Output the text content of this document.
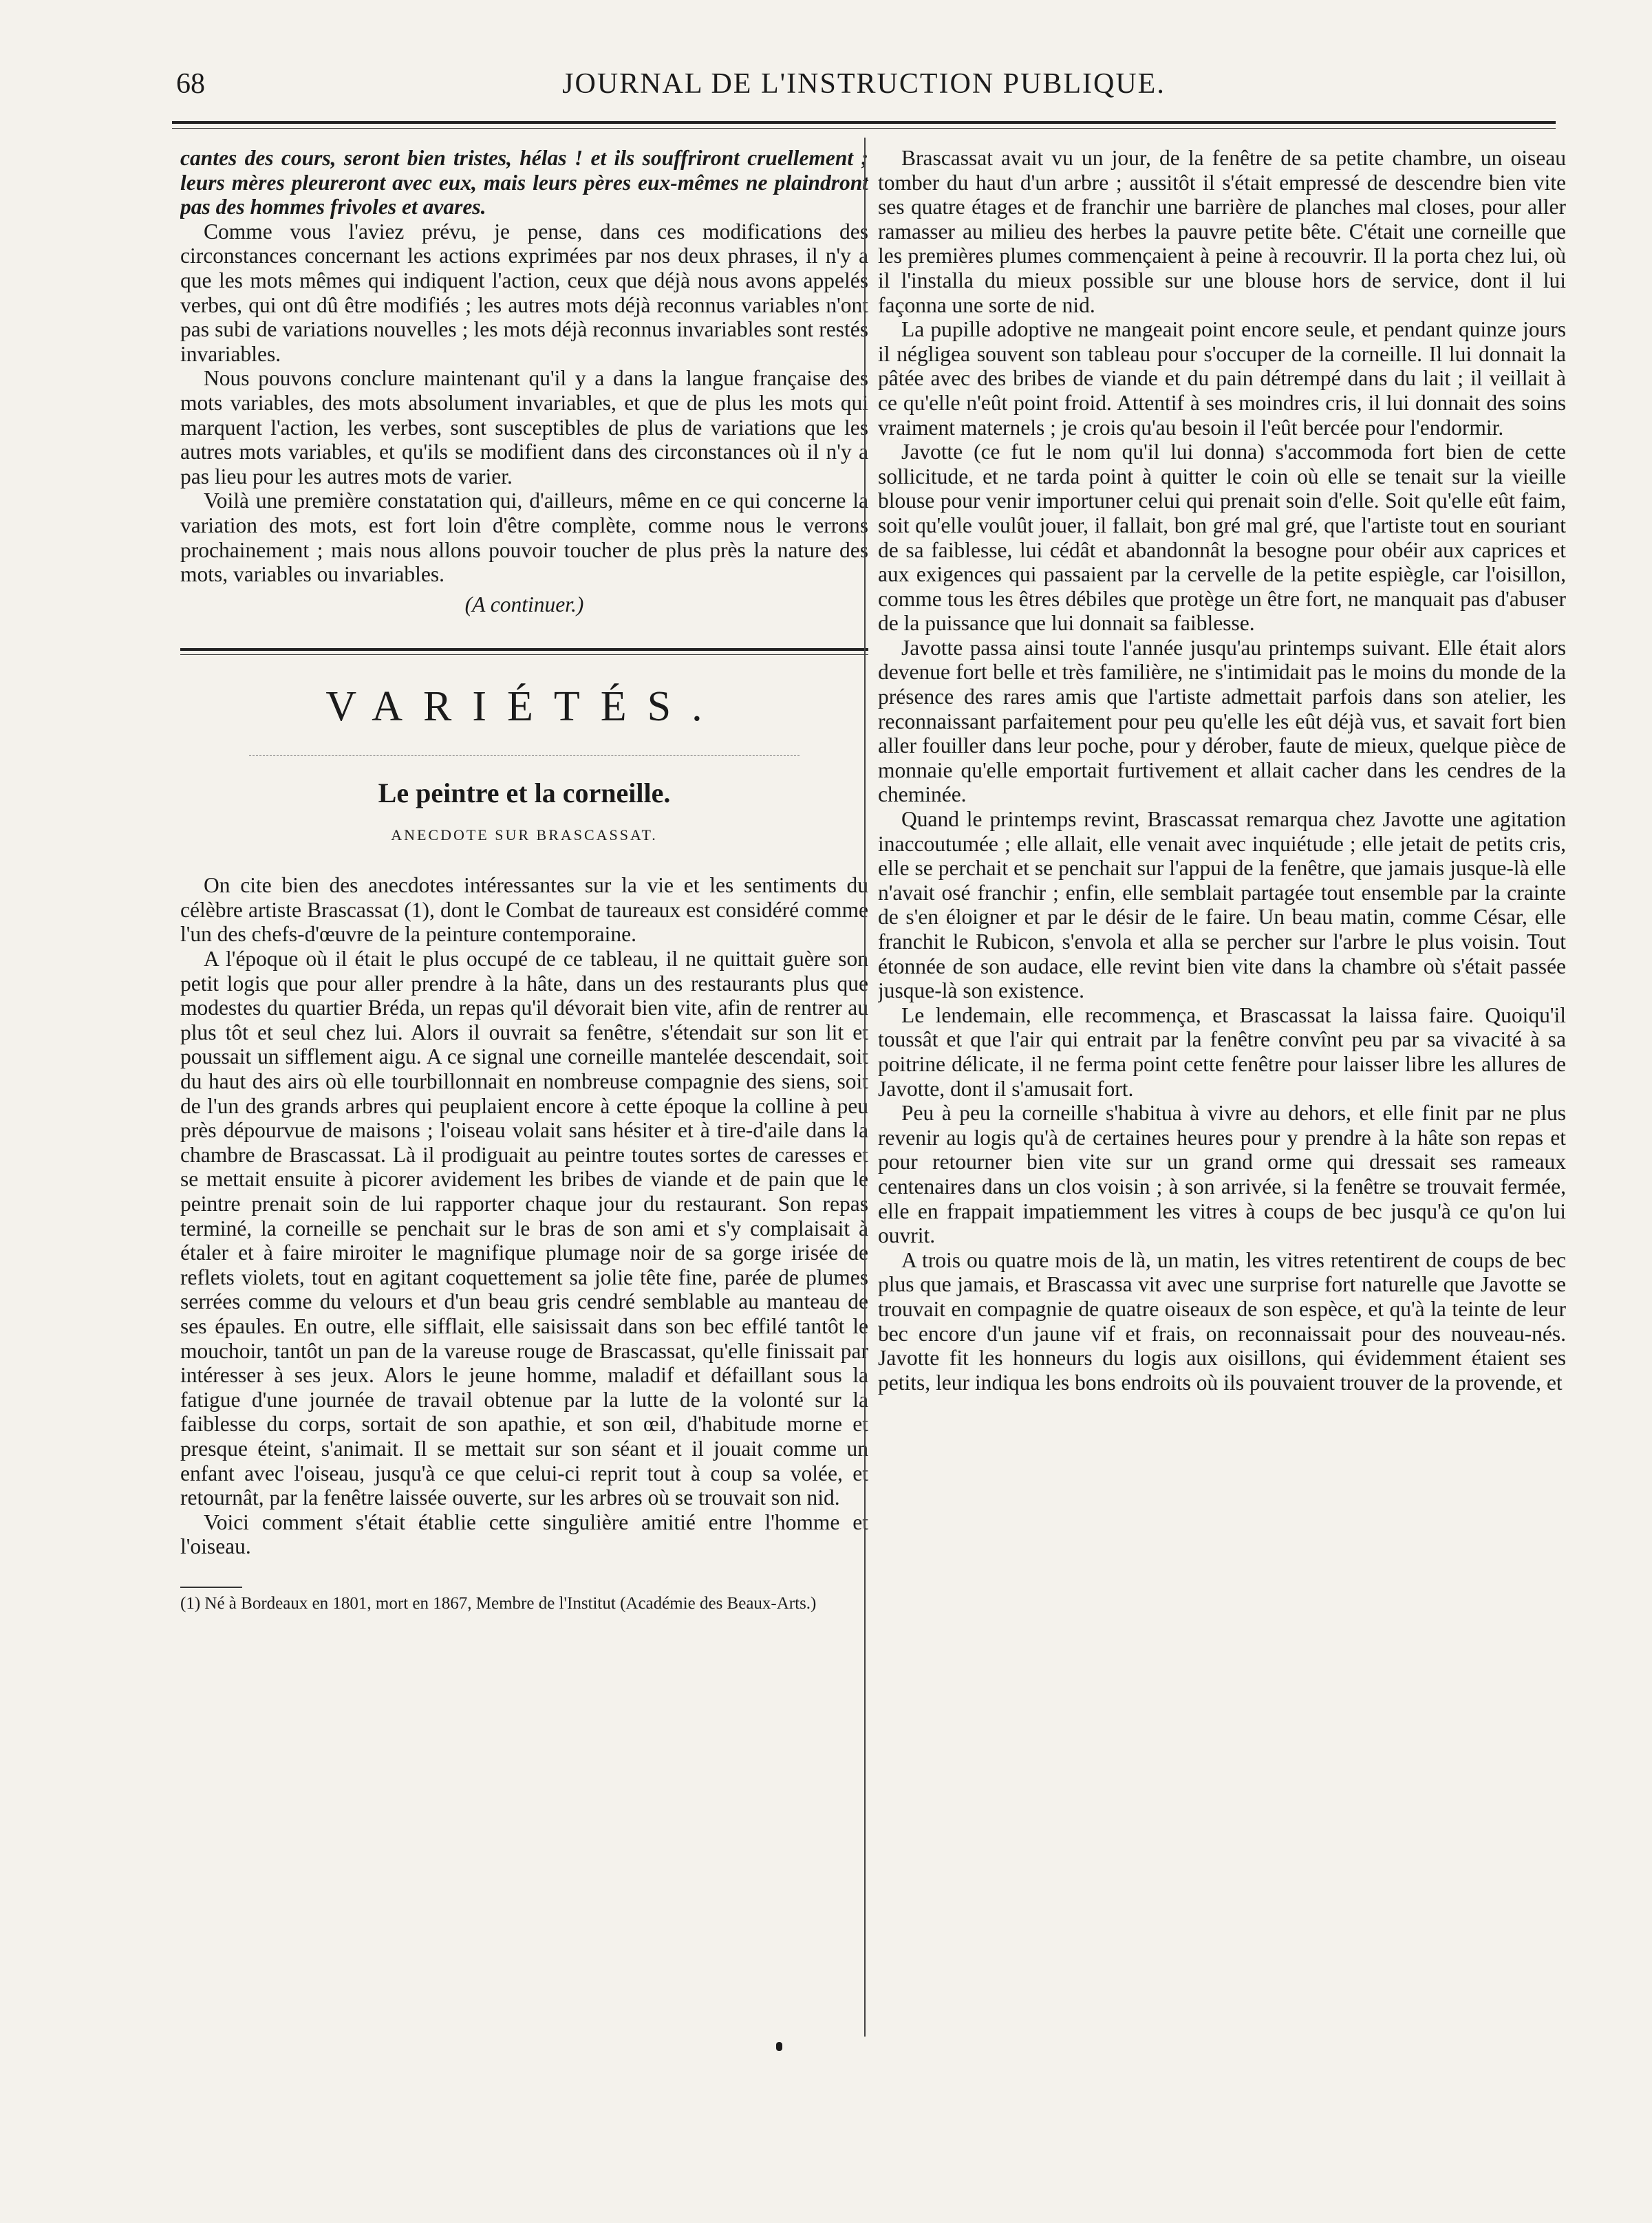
68	JOURNAL DE L'INSTRUCTION PUBLIQUE.

cantes des cours, seront bien tristes, hélas ! et ils souffriront cruellement ; leurs mères pleureront avec eux, mais leurs pères eux-mêmes ne plaindront pas des hommes frivoles et avares.

Comme vous l'aviez prévu, je pense, dans ces modifications des circonstances concernant les actions exprimées par nos deux phrases, il n'y a que les mots mêmes qui indiquent l'action, ceux que déjà nous avons appelés verbes, qui ont dû être modifiés ; les autres mots déjà reconnus variables n'ont pas subi de variations nouvelles ; les mots déjà reconnus invariables sont restés invariables.

Nous pouvons conclure maintenant qu'il y a dans la langue française des mots variables, des mots absolument invariables, et que de plus les mots qui marquent l'action, les verbes, sont susceptibles de plus de variations que les autres mots variables, et qu'ils se modifient dans des circonstances où il n'y a pas lieu pour les autres mots de varier.

Voilà une première constatation qui, d'ailleurs, même en ce qui concerne la variation des mots, est fort loin d'être complète, comme nous le verrons prochainement ; mais nous allons pouvoir toucher de plus près la nature des mots, variables ou invariables.

(A continuer.)

VARIÉTÉS.
Le peintre et la corneille.
ANECDOTE SUR BRASCASSAT.

On cite bien des anecdotes intéressantes sur la vie et les sentiments du célèbre artiste Brascassat (1), dont le Combat de taureaux est considéré comme l'un des chefs-d'œuvre de la peinture contemporaine.

A l'époque où il était le plus occupé de ce tableau, il ne quittait guère son petit logis que pour aller prendre à la hâte, dans un des restaurants plus que modestes du quartier Bréda, un repas qu'il dévorait bien vite, afin de rentrer au plus tôt et seul chez lui. Alors il ouvrait sa fenêtre, s'étendait sur son lit et poussait un sifflement aigu. A ce signal une corneille mantelée descendait, soit du haut des airs où elle tourbillonnait en nombreuse compagnie des siens, soit de l'un des grands arbres qui peuplaient encore à cette époque la colline à peu près dépourvue de maisons ; l'oiseau volait sans hésiter et à tire-d'aile dans la chambre de Brascassat. Là il prodiguait au peintre toutes sortes de caresses et se mettait ensuite à picorer avidement les bribes de viande et de pain que le peintre prenait soin de lui rapporter chaque jour du restaurant. Son repas terminé, la corneille se penchait sur le bras de son ami et s'y complaisait à étaler et à faire miroiter le magnifique plumage noir de sa gorge irisée de reflets violets, tout en agitant coquettement sa jolie tête fine, parée de plumes serrées comme du velours et d'un beau gris cendré semblable au manteau de ses épaules. En outre, elle sifflait, elle saisissait dans son bec effilé tantôt le mouchoir, tantôt un pan de la vareuse rouge de Brascassat, qu'elle finissait par intéresser à ses jeux. Alors le jeune homme, maladif et défaillant sous la fatigue d'une journée de travail obtenue par la lutte de la volonté sur la faiblesse du corps, sortait de son apathie, et son œil, d'habitude morne et presque éteint, s'animait. Il se mettait sur son séant et il jouait comme un enfant avec l'oiseau, jusqu'à ce que celui-ci reprit tout à coup sa volée, et retournât, par la fenêtre laissée ouverte, sur les arbres où se trouvait son nid.

Voici comment s'était établie cette singulière amitié entre l'homme et l'oiseau.

(1) Né à Bordeaux en 1801, mort en 1867, Membre de l'Institut (Académie des Beaux-Arts.)

Brascassat avait vu un jour, de la fenêtre de sa petite chambre, un oiseau tomber du haut d'un arbre ; aussitôt il s'était empressé de descendre bien vite ses quatre étages et de franchir une barrière de planches mal closes, pour aller ramasser au milieu des herbes la pauvre petite bête. C'était une corneille que les premières plumes commençaient à peine à recouvrir. Il la porta chez lui, où il l'installa du mieux possible sur une blouse hors de service, dont il lui façonna une sorte de nid.

La pupille adoptive ne mangeait point encore seule, et pendant quinze jours il négligea souvent son tableau pour s'occuper de la corneille. Il lui donnait la pâtée avec des bribes de viande et du pain détrempé dans du lait ; il veillait à ce qu'elle n'eût point froid. Attentif à ses moindres cris, il lui donnait des soins vraiment maternels ; je crois qu'au besoin il l'eût bercée pour l'endormir.

Javotte (ce fut le nom qu'il lui donna) s'accommoda fort bien de cette sollicitude, et ne tarda point à quitter le coin où elle se tenait sur la vieille blouse pour venir importuner celui qui prenait soin d'elle. Soit qu'elle eût faim, soit qu'elle voulût jouer, il fallait, bon gré mal gré, que l'artiste tout en souriant de sa faiblesse, lui cédât et abandonnât la besogne pour obéir aux caprices et aux exigences qui passaient par la cervelle de la petite espiègle, car l'oisillon, comme tous les êtres débiles que protège un être fort, ne manquait pas d'abuser de la puissance que lui donnait sa faiblesse.

Javotte passa ainsi toute l'année jusqu'au printemps suivant. Elle était alors devenue fort belle et très familière, ne s'intimidait pas le moins du monde de la présence des rares amis que l'artiste admettait parfois dans son atelier, les reconnaissant parfaitement pour peu qu'elle les eût déjà vus, et savait fort bien aller fouiller dans leur poche, pour y dérober, faute de mieux, quelque pièce de monnaie qu'elle emportait furtivement et allait cacher dans les cendres de la cheminée.

Quand le printemps revint, Brascassat remarqua chez Javotte une agitation inaccoutumée ; elle allait, elle venait avec inquiétude ; elle jetait de petits cris, elle se perchait et se penchait sur l'appui de la fenêtre, que jamais jusque-là elle n'avait osé franchir ; enfin, elle semblait partagée tout ensemble par la crainte de s'en éloigner et par le désir de le faire. Un beau matin, comme César, elle franchit le Rubicon, s'envola et alla se percher sur l'arbre le plus voisin. Tout étonnée de son audace, elle revint bien vite dans la chambre où s'était passée jusque-là son existence.

Le lendemain, elle recommença, et Brascassat la laissa faire. Quoiqu'il toussât et que l'air qui entrait par la fenêtre convînt peu par sa vivacité à sa poitrine délicate, il ne ferma point cette fenêtre pour laisser libre les allures de Javotte, dont il s'amusait fort.

Peu à peu la corneille s'habitua à vivre au dehors, et elle finit par ne plus revenir au logis qu'à de certaines heures pour y prendre à la hâte son repas et pour retourner bien vite sur un grand orme qui dressait ses rameaux centenaires dans un clos voisin ; à son arrivée, si la fenêtre se trouvait fermée, elle en frappait impatiemment les vitres à coups de bec jusqu'à ce qu'on lui ouvrit.

A trois ou quatre mois de là, un matin, les vitres retentirent de coups de bec plus que jamais, et Brascassa vit avec une surprise fort naturelle que Javotte se trouvait en compagnie de quatre oiseaux de son espèce, et qu'à la teinte de leur bec encore d'un jaune vif et frais, on reconnaissait pour des nouveau-nés. Javotte fit les honneurs du logis aux oisillons, qui évidemment étaient ses petits, leur indiqua les bons endroits où ils pouvaient trouver de la provende, et
